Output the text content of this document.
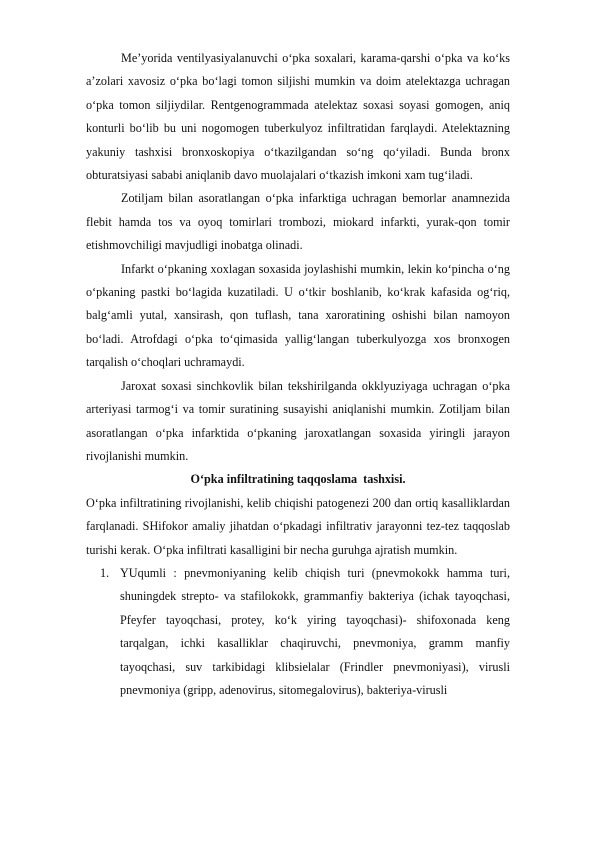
Me’yorida ventilyasiyalanuvchi o‘pka soxalari, karama-qarshi o‘pka va ko‘ks a’zolari xavosiz o‘pka bo‘lagi tomon siljishi mumkin va doim atelektazga uchragan o‘pka tomon siljiydilar. Rentgenogrammada atelektaz soxasi soyasi gomogen, aniq konturli bo‘lib bu uni nogomogen tuberkulyoz infiltratidan farqlaydi. Atelektazning yakuniy tashxisi bronxoskopiya o‘tkazilgandan so‘ng qo‘yiladi. Bunda bronx obturatsiyasi sababi aniqlanib davo muolajalari o‘tkazish imkoni xam tug‘iladi.

Zotiljam bilan asoratlangan o‘pka infarktiga uchragan bemorlar anamnezida flebit hamda tos va oyoq tomirlari trombozi, miokard infarkti, yurak-qon tomir etishmovchiligi mavjudligi inobatga olinadi.

Infarkt o‘pkaning xoxlagan soxasida joylashishi mumkin, lekin ko‘pincha o‘ng o‘pkaning pastki bo‘lagida kuzatiladi. U o‘tkir boshlanib, ko‘krak kafasida og‘riq, balg‘amli yutal, xansirash, qon tuflash, tana xaroratining oshishi bilan namoyon bo‘ladi. Atrofdagi o‘pka to‘qimasida yallig‘langan tuberkulyozga xos bronxogen tarqalish o‘choqlari uchramaydi.

Jaroxat soxasi sinchkovlik bilan tekshirilganda okklyuziyaga uchragan o‘pka arteriyasi tarmog‘i va tomir suratining susayishi aniqlanishi mumkin. Zotiljam bilan asoratlangan o‘pka infarktida o‘pkaning jaroxatlangan soxasida yiringli jarayon rivojlanishi mumkin.

O‘pka infiltratining taqqoslama  tashxisi.

O‘pka infiltratining rivojlanishi, kelib chiqishi patogenezi 200 dan ortiq kasalliklardan farqlanadi. SHifokor amaliy jihatdan o‘pkadagi infiltrativ jarayonni tez-tez taqqoslab turishi kerak. O‘pka infiltrati kasalligini bir necha guruhga ajratish mumkin.

1. YUqumli : pnevmoniyaning kelib chiqish turi (pnevmokokk hamma turi, shuningdek strepto- va stafilokokk, grammanfiy bakteriya (ichak tayoqchasi, Pfeyfer tayoqchasi, protey, ko‘k yiring tayoqchasi)- shifoxonada keng tarqalgan, ichki kasalliklar chaqiruvchi, pnevmoniya, gramm manfiy tayoqchasi, suv tarkibidagi klibsielalar (Frindler pnevmoniyasi), virusli pnevmoniya (gripp, adenovirus, sitomegalovirus), bakteriya-virusli
